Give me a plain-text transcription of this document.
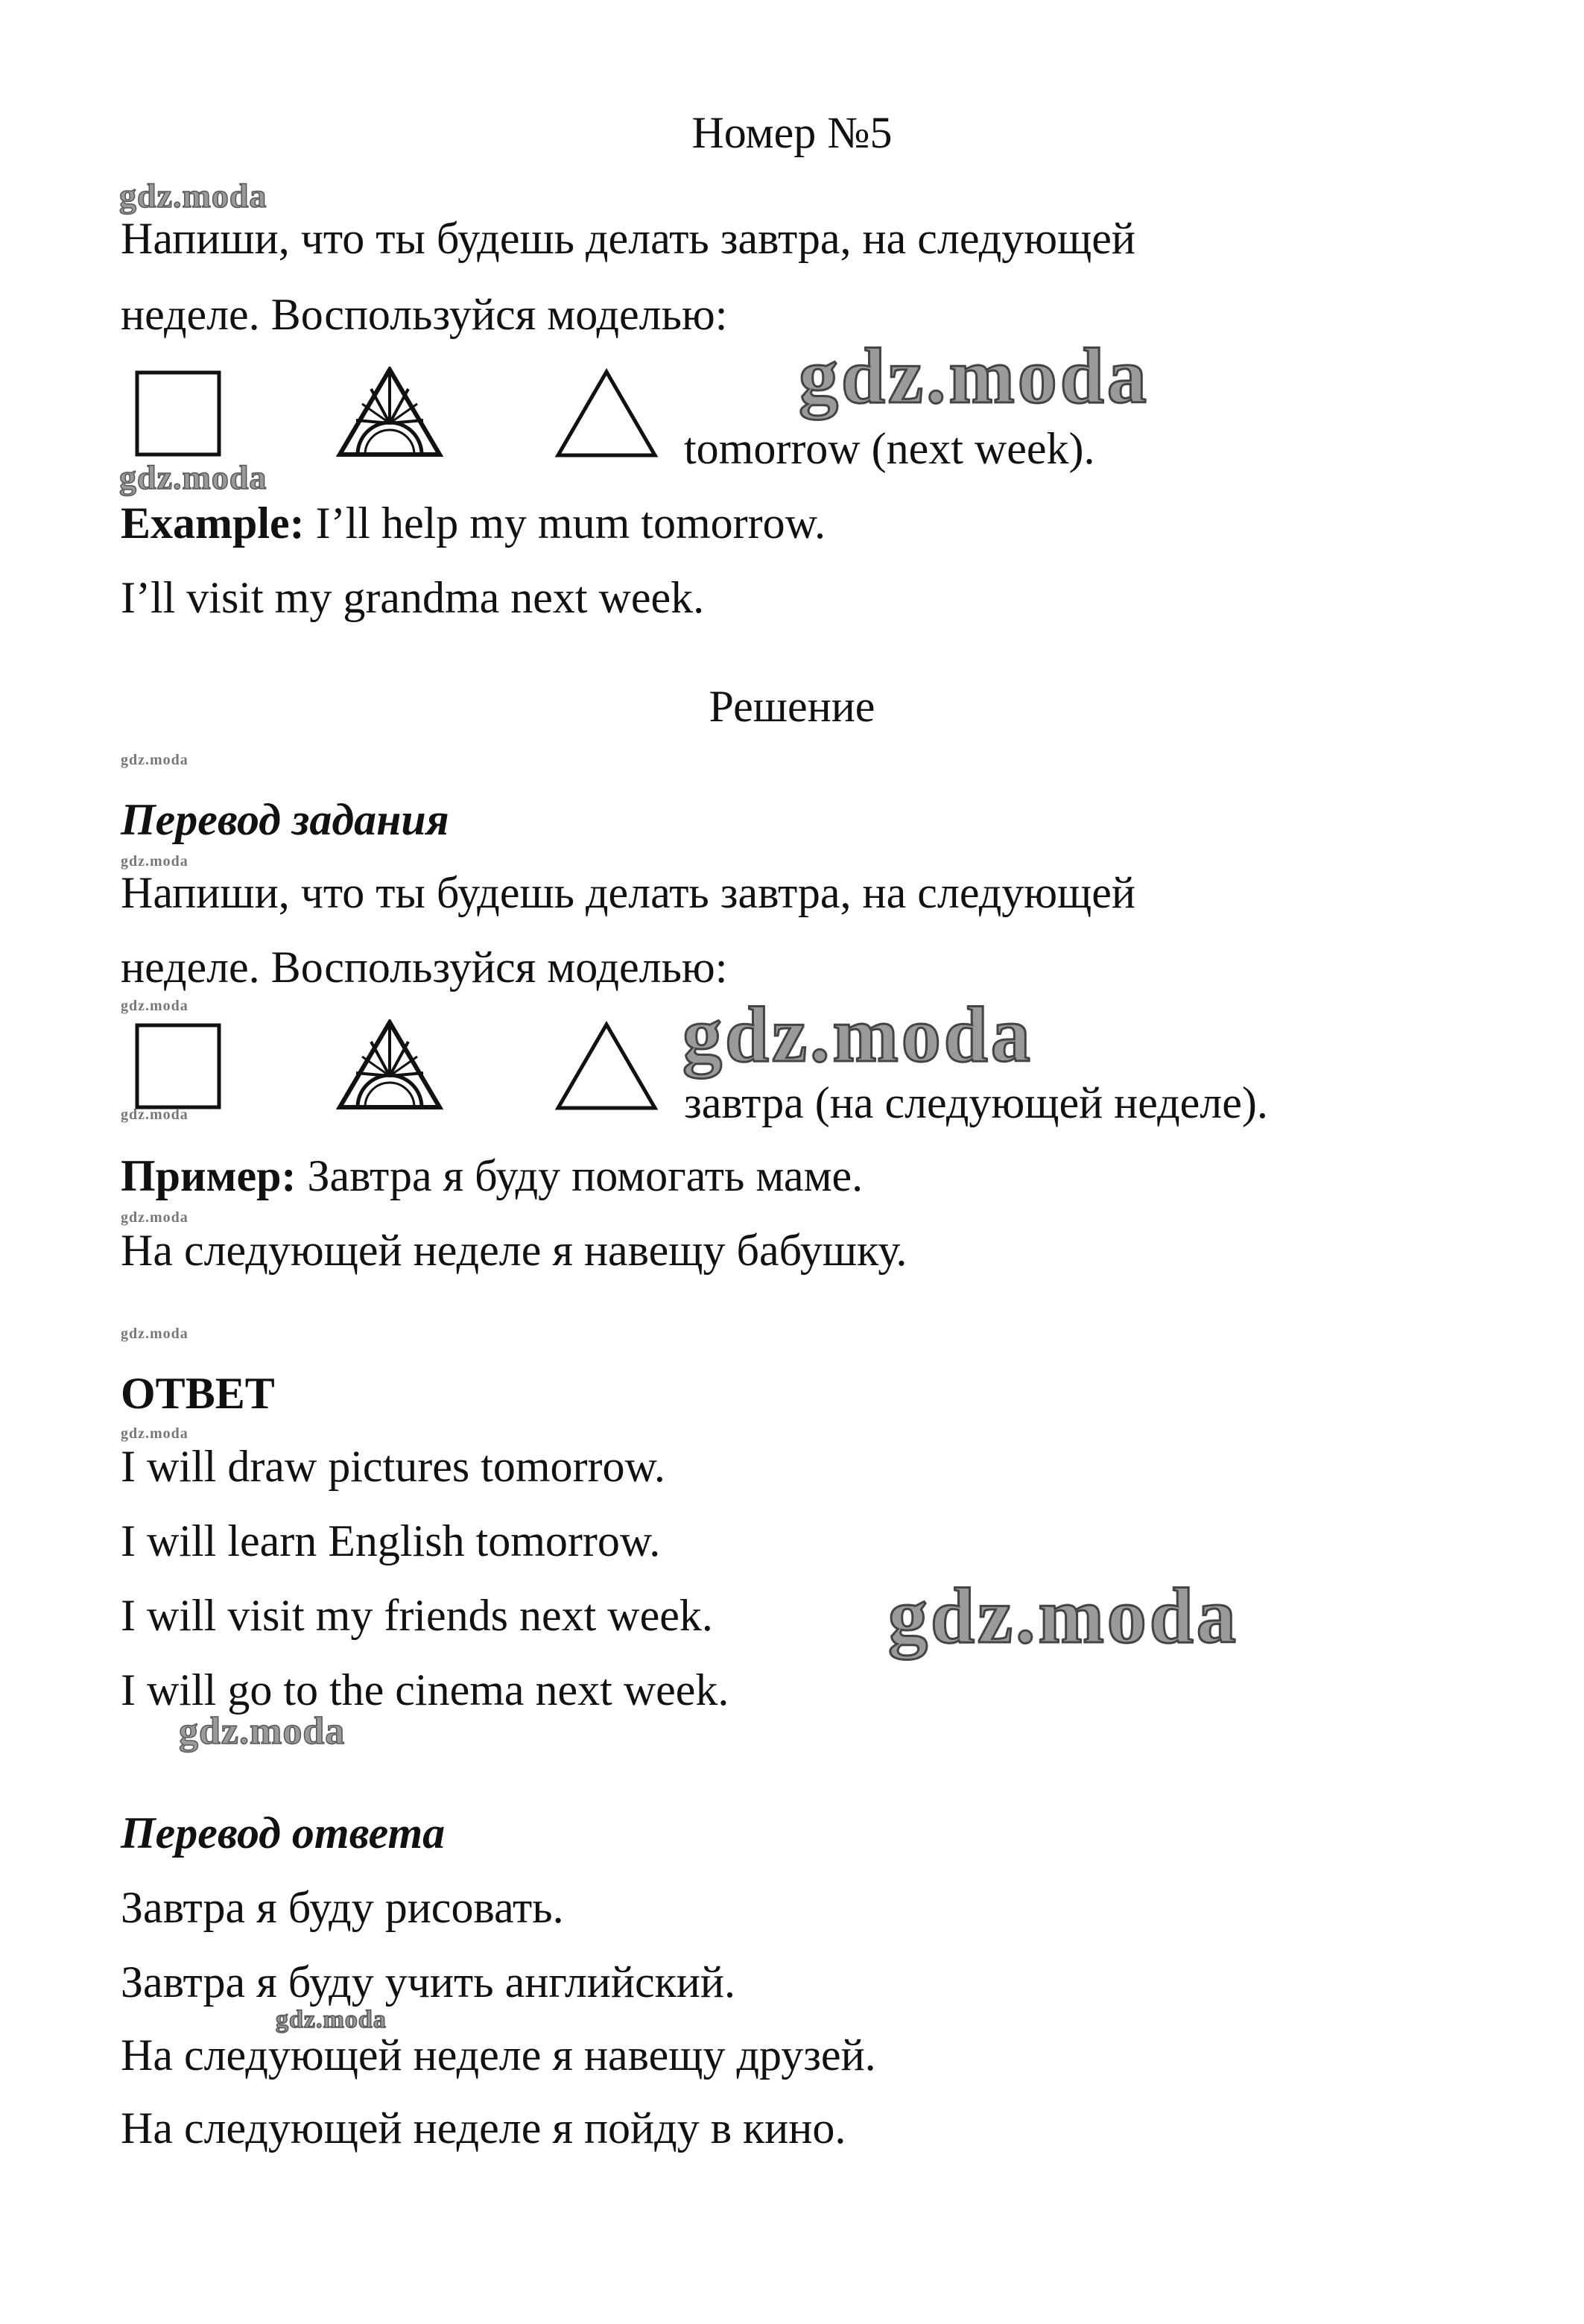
Номер №5
gdz.moda
Напиши, что ты будешь делать завтра, на следующей
неделе. Воспользуйся моделью:
gdz.moda
tomorrow (next week).
gdz.moda
Example: I’ll help my mum tomorrow.
I’ll visit my grandma next week.
Решение
gdz.moda
Перевод задания
gdz.moda
Напиши, что ты будешь делать завтра, на следующей
неделе. Воспользуйся моделью:
gdz.moda	gdz.moda
завтра (на следующей неделе).
gdz.moda
Пример: Завтра я буду помогать маме.
gdz.moda
На следующей неделе я навещу бабушку.
gdz.moda
ОТВЕТ
gdz.moda
I will draw pictures tomorrow.
I will learn English tomorrow.
I will visit my friends next week.
I will go to the cinema next week.
gdz.moda
gdz.moda
Перевод ответа
Завтра я буду рисовать.
Завтра я буду учить английский.
gdz.moda
На следующей неделе я навещу друзей.
На следующей неделе я пойду в кино.
